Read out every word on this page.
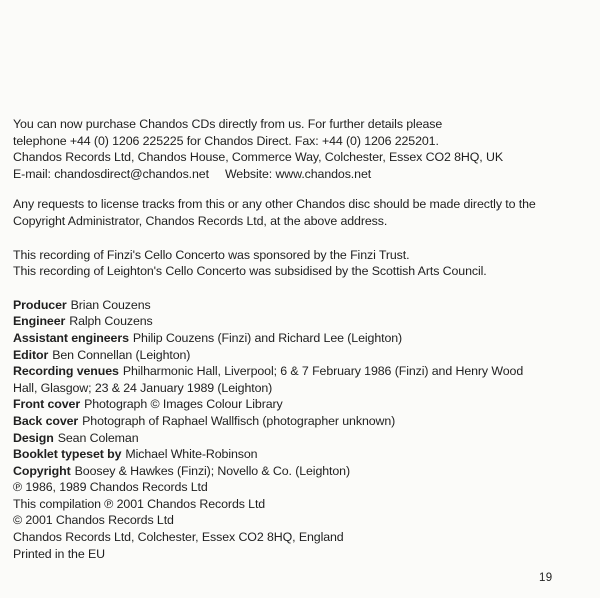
You can now purchase Chandos CDs directly from us. For further details please
telephone +44 (0) 1206 225225 for Chandos Direct. Fax: +44 (0) 1206 225201.
Chandos Records Ltd, Chandos House, Commerce Way, Colchester, Essex CO2 8HQ, UK
E-mail: chandosdirect@chandos.net Website: www.chandos.net
Any requests to license tracks from this or any other Chandos disc should be made directly to the
Copyright Administrator, Chandos Records Ltd, at the above address.
This recording of Finzi's Cello Concerto was sponsored by the Finzi Trust.
This recording of Leighton's Cello Concerto was subsidised by the Scottish Arts Council.
Producer Brian Couzens
Engineer Ralph Couzens
Assistant engineers Philip Couzens (Finzi) and Richard Lee (Leighton)
Editor Ben Connellan (Leighton)
Recording venues Philharmonic Hall, Liverpool; 6 & 7 February 1986 (Finzi) and Henry Wood
Hall, Glasgow; 23 & 24 January 1989 (Leighton)
Front cover Photograph © Images Colour Library
Back cover Photograph of Raphael Wallfisch (photographer unknown)
Design Sean Coleman
Booklet typeset by Michael White-Robinson
Copyright Boosey & Hawkes (Finzi); Novello & Co. (Leighton)
℗ 1986, 1989 Chandos Records Ltd
This compilation ℗ 2001 Chandos Records Ltd
© 2001 Chandos Records Ltd
Chandos Records Ltd, Colchester, Essex CO2 8HQ, England
Printed in the EU
19
